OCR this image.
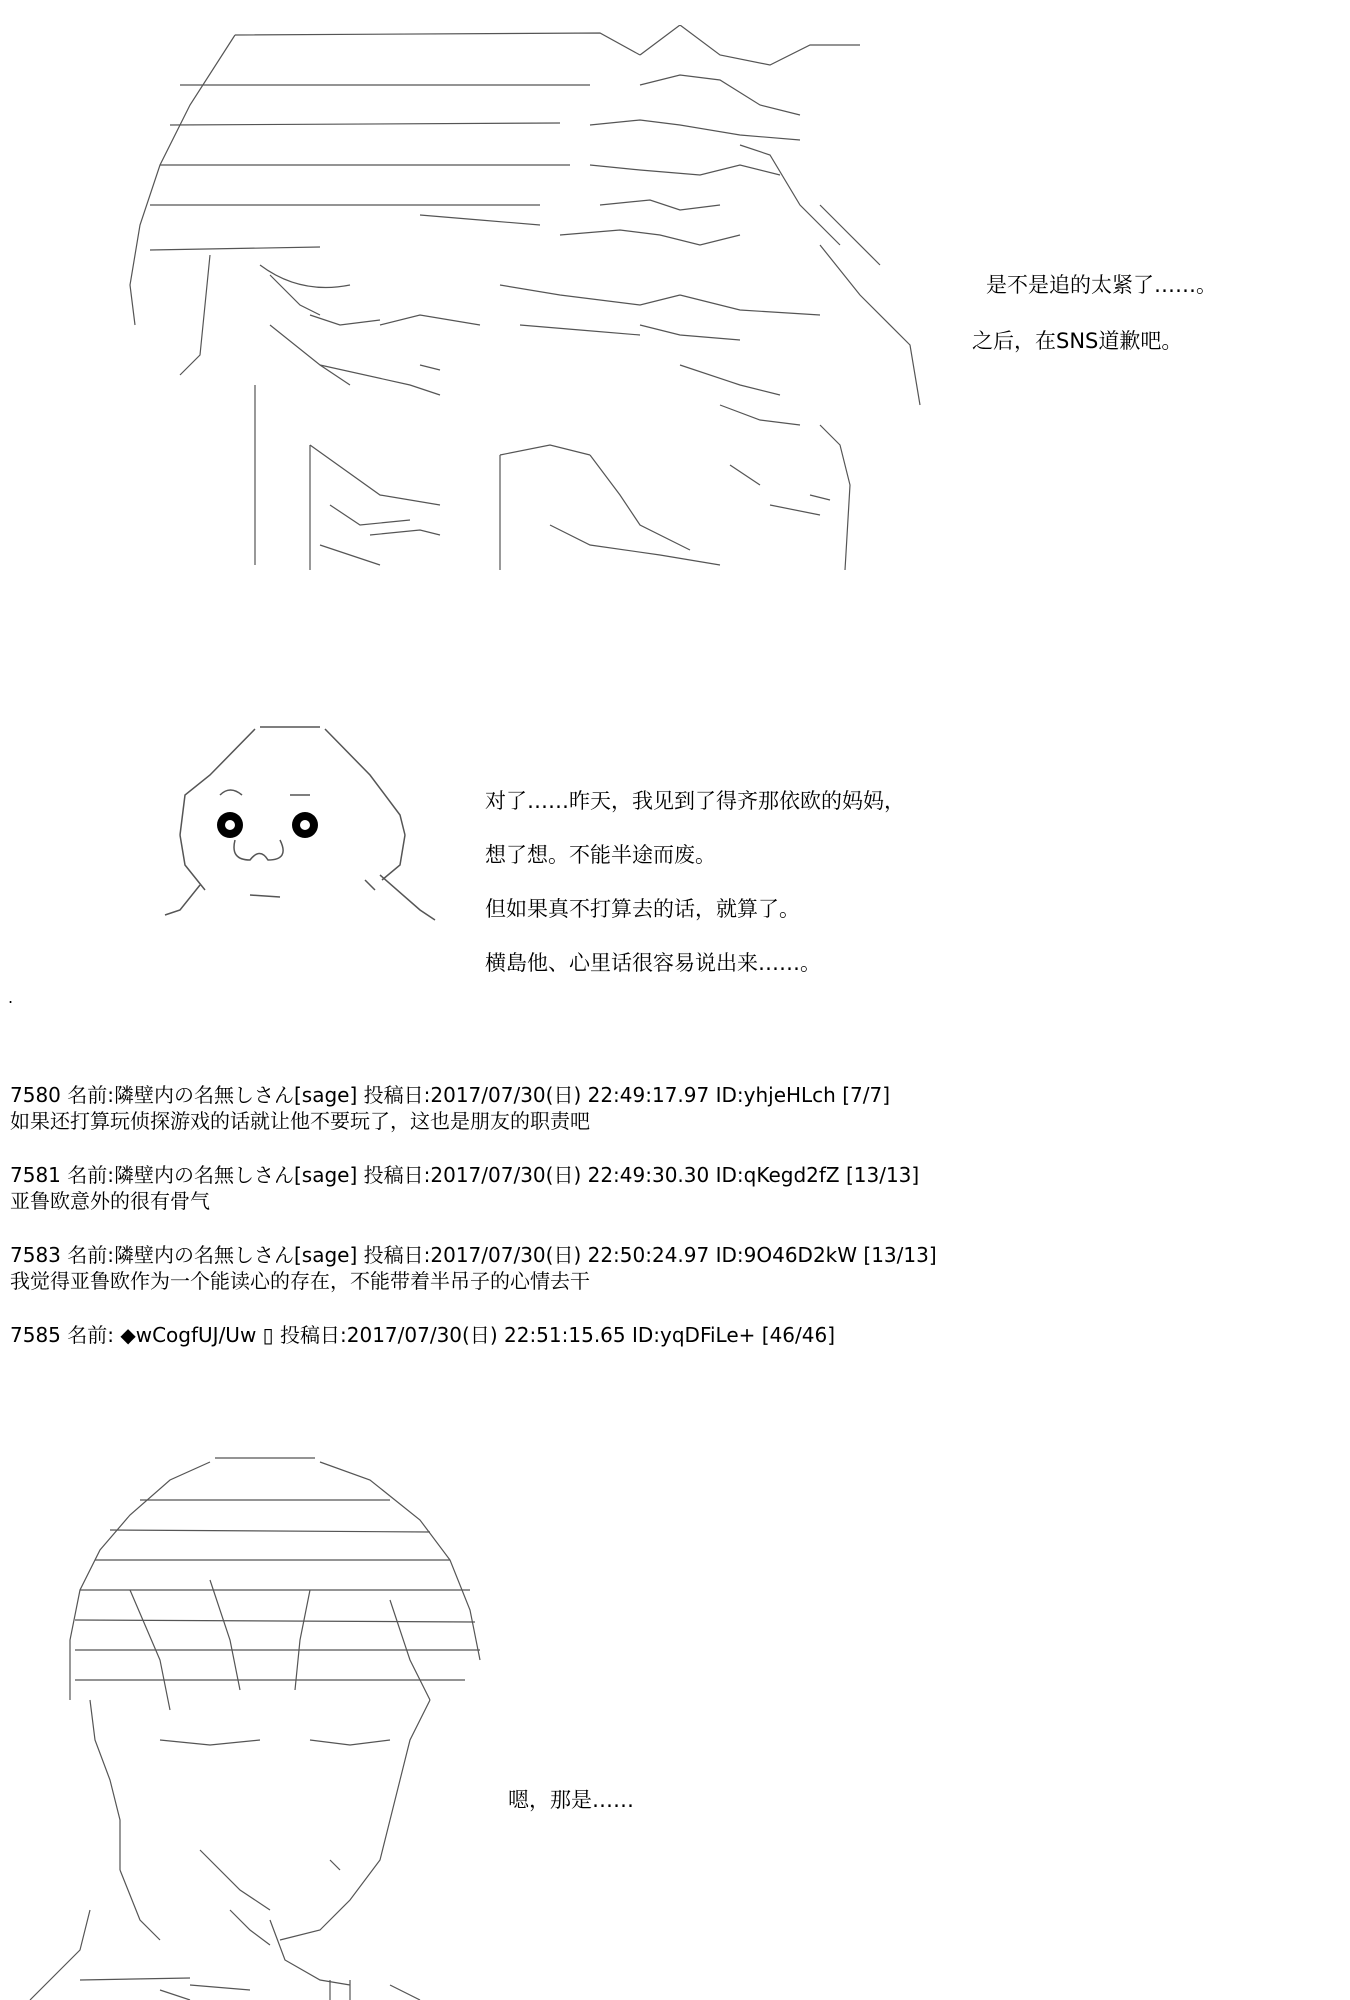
是不是追的太紧了……。
之后，在SNS道歉吧。
对了……昨天，我见到了得齐那依欧的妈妈，
想了想。不能半途而废。
但如果真不打算去的话，就算了。
横島他、心里话很容易说出来……。
.
7580 名前:隣壁内の名無しさん[sage] 投稿日:2017/07/30(日) 22:49:17.97 ID:yhjeHLch [7/7]
如果还打算玩侦探游戏的话就让他不要玩了，这也是朋友的职责吧
7581 名前:隣壁内の名無しさん[sage] 投稿日:2017/07/30(日) 22:49:30.30 ID:qKegd2fZ [13/13]
亚鲁欧意外的很有骨气
7583 名前:隣壁内の名無しさん[sage] 投稿日:2017/07/30(日) 22:50:24.97 ID:9O46D2kW [13/13]
我觉得亚鲁欧作为一个能读心的存在，不能带着半吊子的心情去干
7585 名前: ◆wCogfUJ/Uw ▯ 投稿日:2017/07/30(日) 22:51:15.65 ID:yqDFiLe+ [46/46]
嗯，那是……
